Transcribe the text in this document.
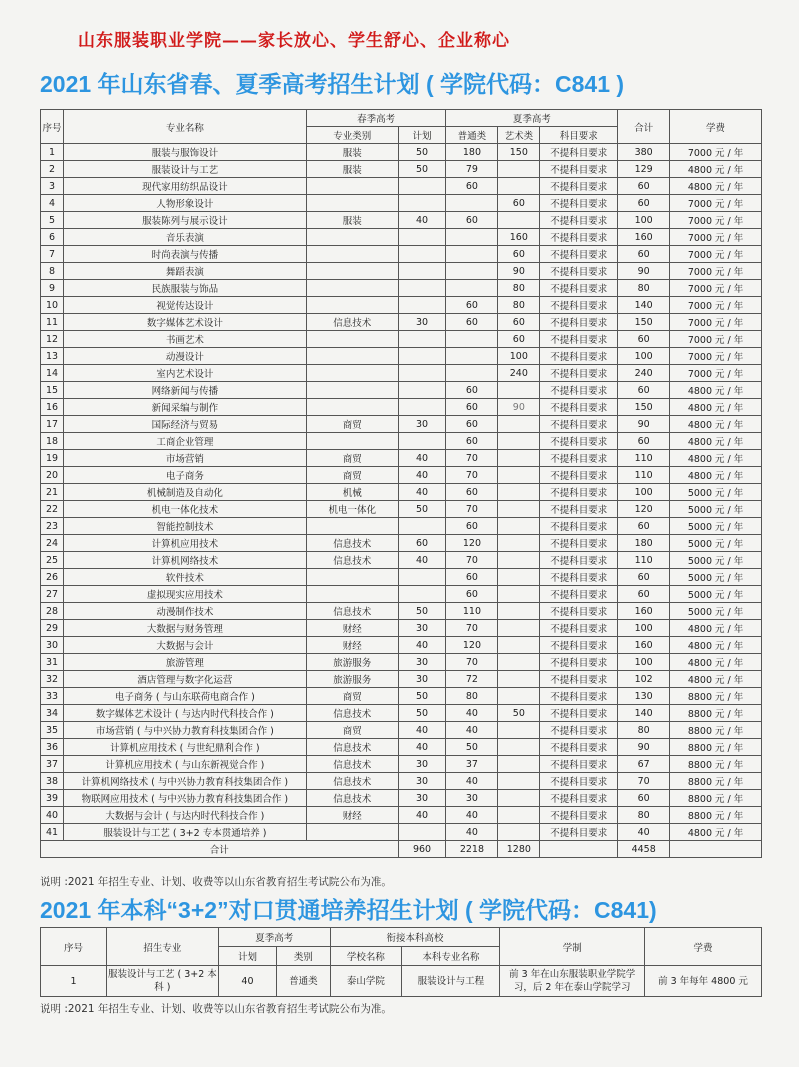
山东服装职业学院——家长放心、学生舒心、企业称心
2021 年山东省春、夏季高考招生计划 ( 学院代码：C841 )
序号	专业名称	春季高考		夏季高考			合计	学费
		专业类别	计划	普通类	艺术类	科目要求		
1	服装与服饰设计	服装	50	180	150	不提科目要求	380	7000 元 / 年
2	服装设计与工艺	服装	50	79		不提科目要求	129	4800 元 / 年
3	现代家用纺织品设计			60		不提科目要求	60	4800 元 / 年
4	人物形象设计				60	不提科目要求	60	7000 元 / 年
5	服装陈列与展示设计	服装	40	60		不提科目要求	100	7000 元 / 年
6	音乐表演				160	不提科目要求	160	7000 元 / 年
7	时尚表演与传播				60	不提科目要求	60	7000 元 / 年
8	舞蹈表演				90	不提科目要求	90	7000 元 / 年
9	民族服装与饰品				80	不提科目要求	80	7000 元 / 年
10	视觉传达设计			60	80	不提科目要求	140	7000 元 / 年
11	数字媒体艺术设计	信息技术	30	60	60	不提科目要求	150	7000 元 / 年
12	书画艺术				60	不提科目要求	60	7000 元 / 年
13	动漫设计				100	不提科目要求	100	7000 元 / 年
14	室内艺术设计				240	不提科目要求	240	7000 元 / 年
15	网络新闻与传播			60		不提科目要求	60	4800 元 / 年
16	新闻采编与制作			60	90	不提科目要求	150	4800 元 / 年
17	国际经济与贸易	商贸	30	60		不提科目要求	90	4800 元 / 年
18	工商企业管理			60		不提科目要求	60	4800 元 / 年
19	市场营销	商贸	40	70		不提科目要求	110	4800 元 / 年
20	电子商务	商贸	40	70		不提科目要求	110	4800 元 / 年
21	机械制造及自动化	机械	40	60		不提科目要求	100	5000 元 / 年
22	机电一体化技术	机电一体化	50	70		不提科目要求	120	5000 元 / 年
23	智能控制技术			60		不提科目要求	60	5000 元 / 年
24	计算机应用技术	信息技术	60	120		不提科目要求	180	5000 元 / 年
25	计算机网络技术	信息技术	40	70		不提科目要求	110	5000 元 / 年
26	软件技术			60		不提科目要求	60	5000 元 / 年
27	虚拟现实应用技术			60		不提科目要求	60	5000 元 / 年
28	动漫制作技术	信息技术	50	110		不提科目要求	160	5000 元 / 年
29	大数据与财务管理	财经	30	70		不提科目要求	100	4800 元 / 年
30	大数据与会计	财经	40	120		不提科目要求	160	4800 元 / 年
31	旅游管理	旅游服务	30	70		不提科目要求	100	4800 元 / 年
32	酒店管理与数字化运营	旅游服务	30	72		不提科目要求	102	4800 元 / 年
33	电子商务 ( 与山东联荷电商合作 )	商贸	50	80		不提科目要求	130	8800 元 / 年
34	数字媒体艺术设计 ( 与达内时代科技合作 )	信息技术	50	40	50	不提科目要求	140	8800 元 / 年
35	市场营销 ( 与中兴协力教育科技集团合作 )	商贸	40	40		不提科目要求	80	8800 元 / 年
36	计算机应用技术 ( 与世纪鼎利合作 )	信息技术	40	50		不提科目要求	90	8800 元 / 年
37	计算机应用技术 ( 与山东新视觉合作 )	信息技术	30	37		不提科目要求	67	8800 元 / 年
38	计算机网络技术 ( 与中兴协力教育科技集团合作 )	信息技术	30	40		不提科目要求	70	8800 元 / 年
39	物联网应用技术 ( 与中兴协力教育科技集团合作 )	信息技术	30	30		不提科目要求	60	8800 元 / 年
40	大数据与会计 ( 与达内时代科技合作 )	财经	40	40		不提科目要求	80	8800 元 / 年
41	服装设计与工艺 ( 3+2 专本贯通培养 )			40		不提科目要求	40	4800 元 / 年
合计			960	2218	1280		4458	
说明 :2021 年招生专业、计划、收费等以山东省教育招生考试院公布为准。
2021 年本科“3+2”对口贯通培养招生计划 ( 学院代码：C841)
序号	招生专业	夏季高考		衔接本科高校		学制	学费
		计划	类别	学校名称	本科专业名称		
1	服装设计与工艺 ( 3+2 本科 )	40	普通类	泰山学院	服装设计与工程	前 3 年在山东服装职业学院学习，后 2 年在泰山学院学习	前 3 年每年 4800 元
说明 :2021 年招生专业、计划、收费等以山东省教育招生考试院公布为准。
